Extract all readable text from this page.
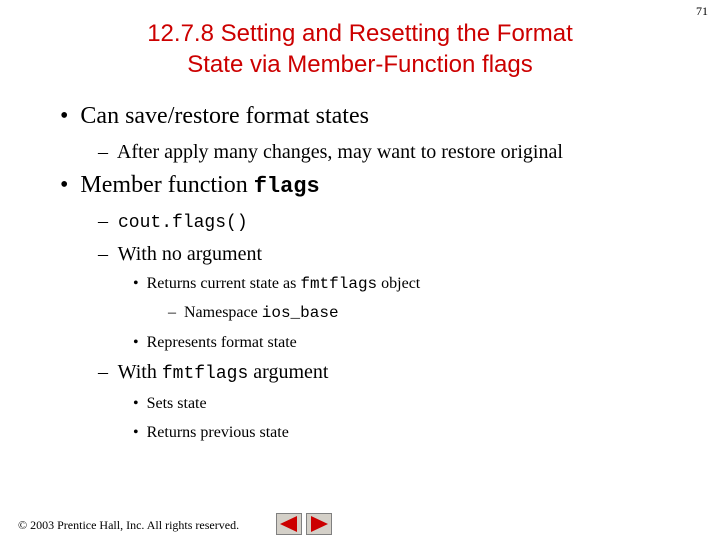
12.7.8 Setting and Resetting the Format
State via Member-Function flags
71
• Can save/restore format states
– After apply many changes, may want to restore original
• Member function flags
– cout.flags()
– With no argument
• Returns current state as fmtflags object
– Namespace ios_base
• Represents format state
– With fmtflags argument
• Sets state
• Returns previous state
© 2003 Prentice Hall, Inc. All rights reserved.
